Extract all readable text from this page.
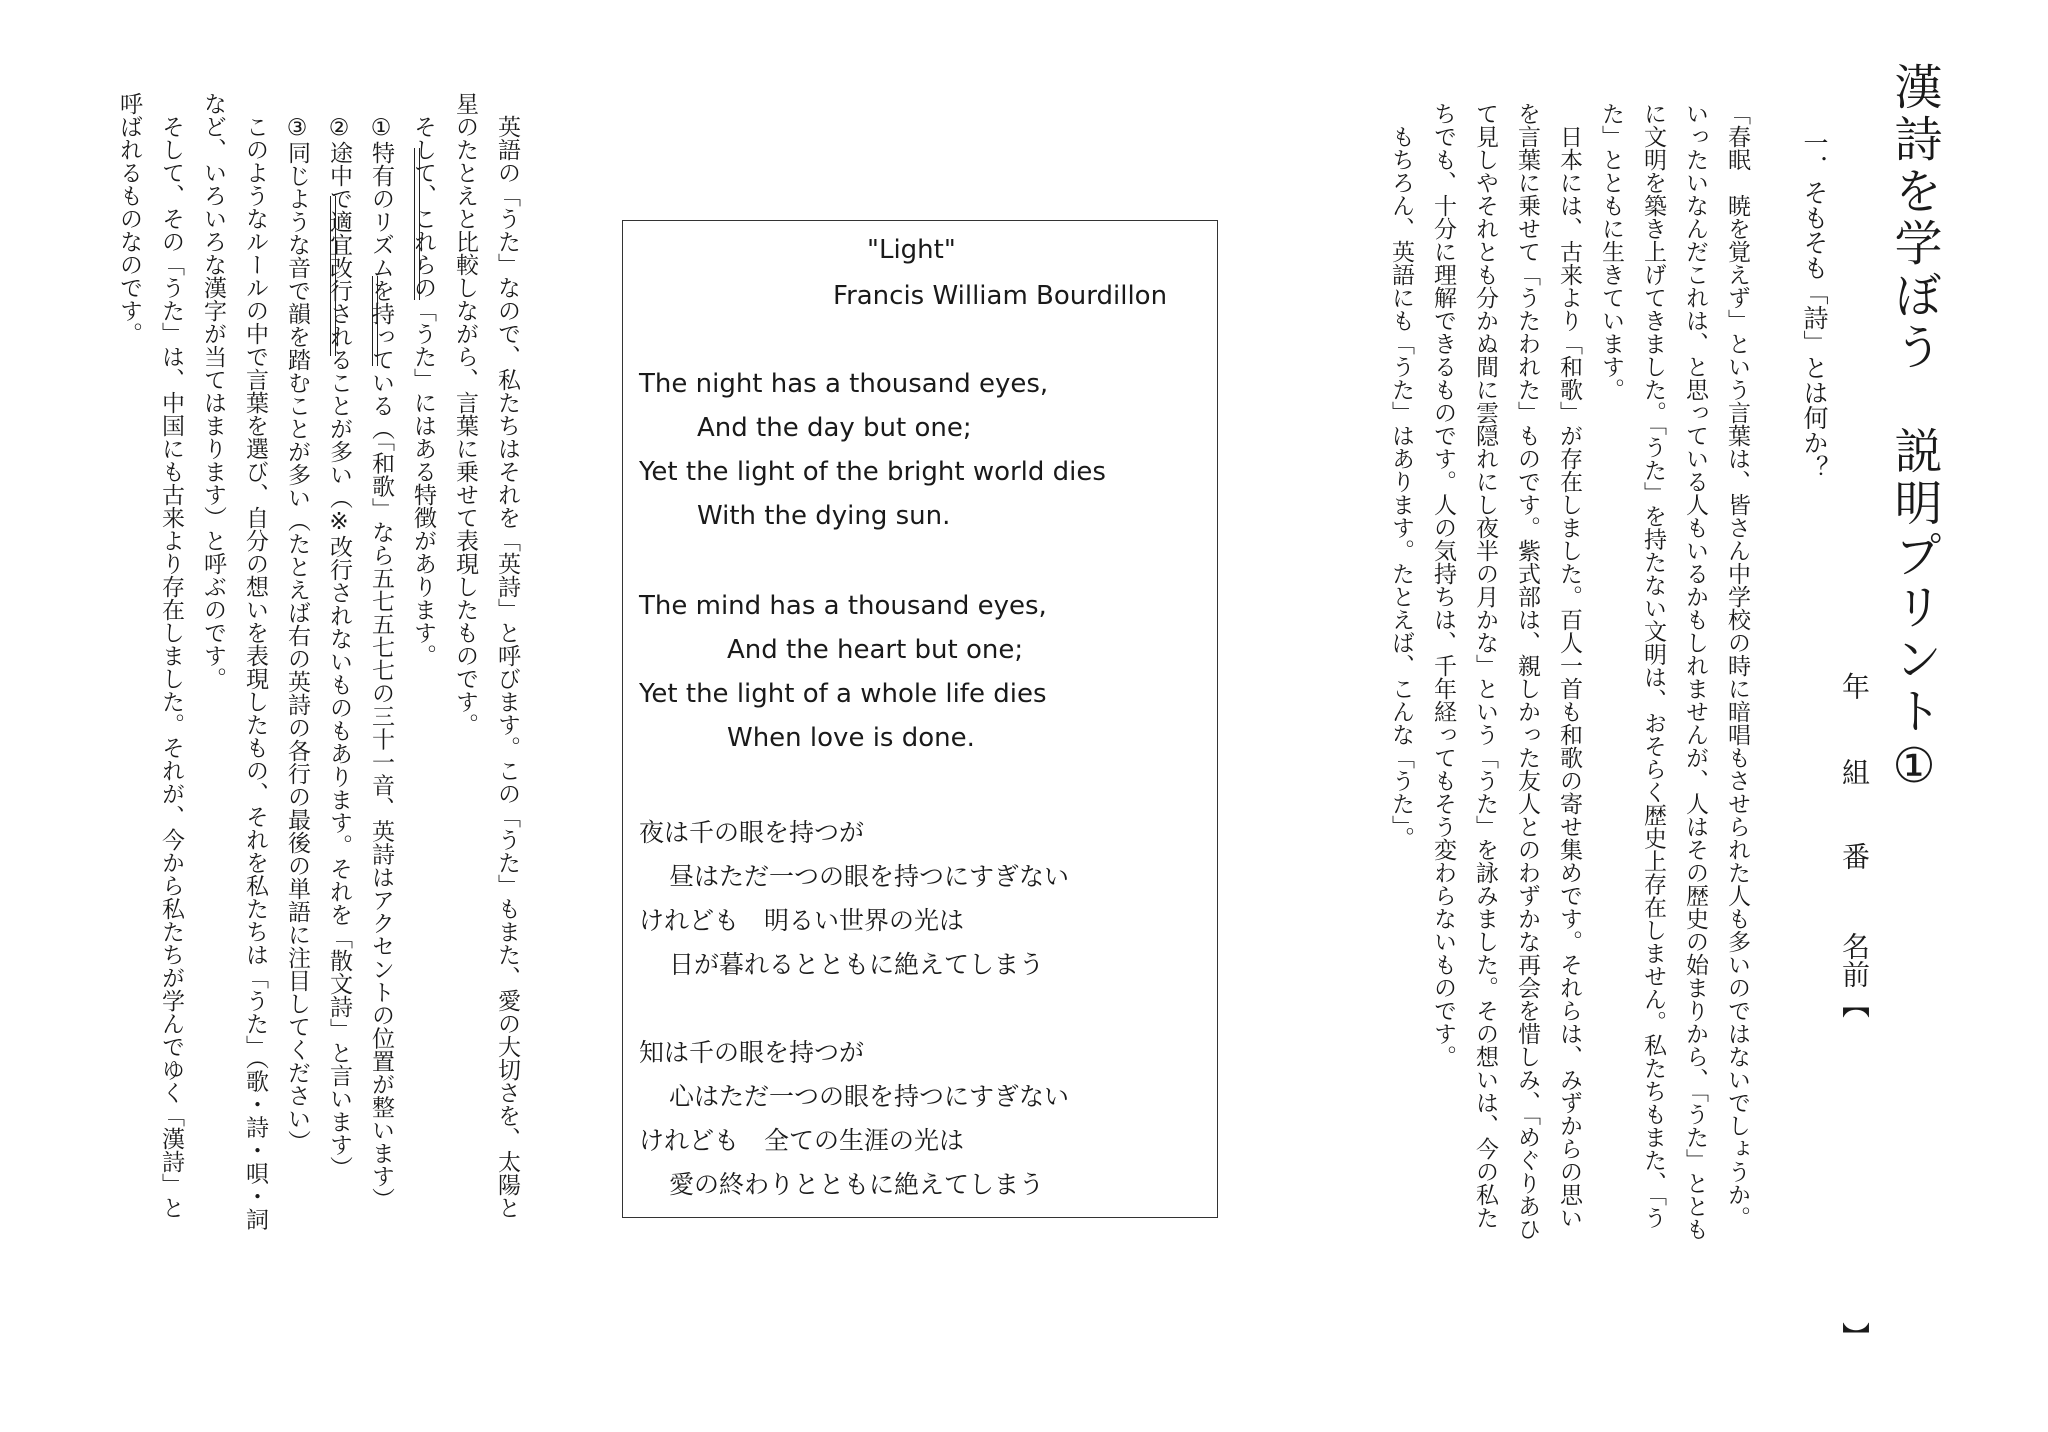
漢詩を学ぼう　説明プリント①
年
組
番
名前
【
】
一．そもそも「詩」とは何か？

「春眠　暁を覚えず」という言葉は、皆さん中学校の時に暗唱もさせられた人も多いのではないでしょうか。

いったいなんだこれは、と思っている人もいるかもしれませんが、人はその歴史の始まりから、「うた」ととも

に文明を築き上げてきました。「うた」を持たない文明は、おそらく歴史上存在しません。私たちもまた、「う

た」とともに生きています。

　日本には、古来より「和歌」が存在しました。百人一首も和歌の寄せ集めです。それらは、みずからの思い

を言葉に乗せて「うたわれた」ものです。紫式部は、親しかった友人とのわずかな再会を惜しみ、「めぐりあひ

て見しやそれとも分かぬ間に雲隠れにし夜半の月かな」という「うた」を詠みました。その想いは、今の私た

ちでも、十分に理解できるものです。人の気持ちは、千年経ってもそう変わらないものです。

　もちろん、英語にも「うた」はあります。たとえば、こんな「うた」。

"Light"
Francis William Bourdillon
The night has a thousand eyes,
And the day but one;
Yet the light of the bright world dies
With the dying sun.
The mind has a thousand eyes,
And the heart but one;
Yet the light of a whole life dies
When love is done.
夜は千の眼を持つが
昼はただ一つの眼を持つにすぎない
けれども　明るい世界の光は
日が暮れるとともに絶えてしまう
知は千の眼を持つが
心はただ一つの眼を持つにすぎない
けれども　全ての生涯の光は
愛の終わりとともに絶えてしまう

　英語の「うた」なので、私たちはそれを「英詩」と呼びます。この「うた」もまた、愛の大切さを、太陽と

星のたとえと比較しながら、言葉に乗せて表現したものです。

　そして、これらの「うた」にはある特徴があります。

　①特有のリズムを持っている（「和歌」なら五七五七七の三十一音、英詩はアクセントの位置が整います）

　②途中で適宜改行されることが多い（※改行されないものもあります。それを「散文詩」と言います）

　③同じような音で韻を踏むことが多い（たとえば右の英詩の各行の最後の単語に注目してください）

　このようなルールの中で言葉を選び、自分の想いを表現したもの、それを私たちは「うた」（歌・詩・唄・詞

など、いろいろな漢字が当てはまります）と呼ぶのです。

　そして、その「うた」は、中国にも古来より存在しました。それが、今から私たちが学んでゆく「漢詩」と

呼ばれるものなのです。
